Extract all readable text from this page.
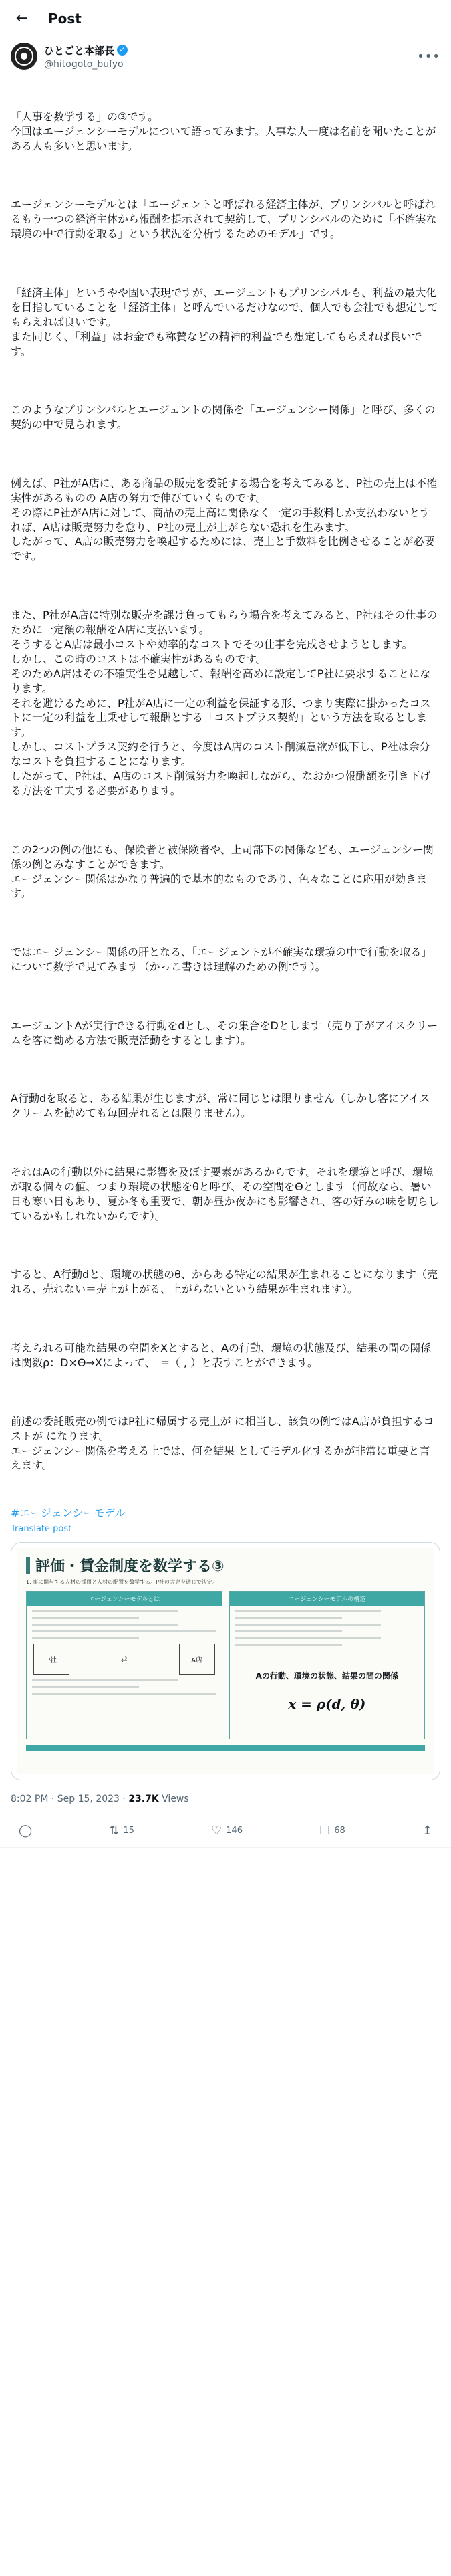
←	Post
ひとごと本部長 ✓
@hitogoto_bufyo
•••

「人事を数学する」の③です。
今回はエージェンシーモデルについて語ってみます。人事な人一度は名前を聞いたことがある人も多いと思います。

エージェンシーモデルとは「エージェントと呼ばれる経済主体が、プリンシパルと呼ばれるもう一つの経済主体から報酬を提示されて契約して、プリンシパルのために「不確実な環境の中で行動を取る」という状況を分析するためのモデル」です。

「経済主体」というやや固い表現ですが、エージェントもプリンシパルも、利益の最大化を目指していることを「経済主体」と呼んでいるだけなので、個人でも会社でも想定してもらえれば良いです。
また同じく、「利益」はお金でも称賛などの精神的利益でも想定してもらえれば良いです。

このようなプリンシパルとエージェントの関係を「エージェンシー関係」と呼び、多くの契約の中で見られます。

例えば、P社がA店に、ある商品の販売を委託する場合を考えてみると、P社の売上は不確実性があるものの A店の努力で伸びていくものです。
その際にP社がA店に対して、商品の売上高に関係なく一定の手数料しか支払わないとすれば、A店は販売努力を怠り、P社の売上が上がらない恐れを生みます。
したがって、A店の販売努力を喚起するためには、売上と手数料を比例させることが必要です。

また、P社がA店に特別な販売を課け負ってもらう場合を考えてみると、P社はその仕事のために一定額の報酬をA店に支払います。
そうするとA店は最小コストや効率的なコストでその仕事を完成させようとします。
しかし、この時のコストは不確実性があるものです。
そのためA店はその不確実性を見越して、報酬を高めに設定してP社に要求することになります。
それを避けるために、P社がA店に一定の利益を保証する形、つまり実際に掛かったコストに一定の利益を上乗せして報酬とする「コストプラス契約」という方法を取るとします。
しかし、コストプラス契約を行うと、今度はA店のコスト削減意欲が低下し、P社は余分なコストを負担することになります。
したがって、P社は、A店のコスト削減努力を喚起しながら、なおかつ報酬額を引き下げる方法を工夫する必要があります。

この2つの例の他にも、保険者と被保険者や、上司部下の関係なども、エージェンシー関係の例とみなすことができます。
エージェンシー関係はかなり普遍的で基本的なものであり、色々なことに応用が効きます。

ではエージェンシー関係の肝となる、「エージェントが不確実な環境の中で行動を取る」について数学で見てみます（かっこ書きは理解のための例です）。

エージェントAが実行できる行動をdとし、その集合をDとします（売り子がアイスクリームを客に勧める方法で販売活動をするとします）。

A行動dを取ると、ある結果が生じますが、常に同じとは限りません（しかし客にアイスクリームを勧めても毎回売れるとは限りません）。

それはAの行動以外に結果に影響を及ぼす要素があるからです。それを環境と呼び、環境が取る個々の値、つまり環境の状態をθと呼び、その空間をΘとします（何故なら、暑い日も寒い日もあり、夏か冬も重要で、朝か昼か夜かにも影響され、客の好みの味を切らしているかもしれないからです）。

すると、A行動dと、環境の状態のθ、からある特定の結果が生まれることになります（売れる、売れない＝売上が上がる、上がらないという結果が生まれます）。

考えられる可能な結果の空間をXとすると、Aの行動、環境の状態及び、結果の間の関係は関数ρ：D×Θ→Xによって、　=（ , ）と表すことができます。

前述の委託販売の例ではP社に帰属する売上が に相当し、該負の例ではA店が負担するコストが になります。
エージェンシー関係を考える上では、何を結果 としてモデル化するかが非常に重要と言えます。

#エージェンシーモデル
Translate post
評価・賃金制度を数学する③
1. 事に関与する人材の採用と人材の配置を数学する。P社の大売を通じで決定。
エージェンシーモデルとは
P社	⇄	A店
エージェンシーモデルの構造
Aの行動、環境の状態、結果の間の関係
x = ρ(d, θ)
8:02 PM · Sep 15, 2023 · 23.7K Views
◯	⇅ 15	♡ 146	☐ 68	↥
